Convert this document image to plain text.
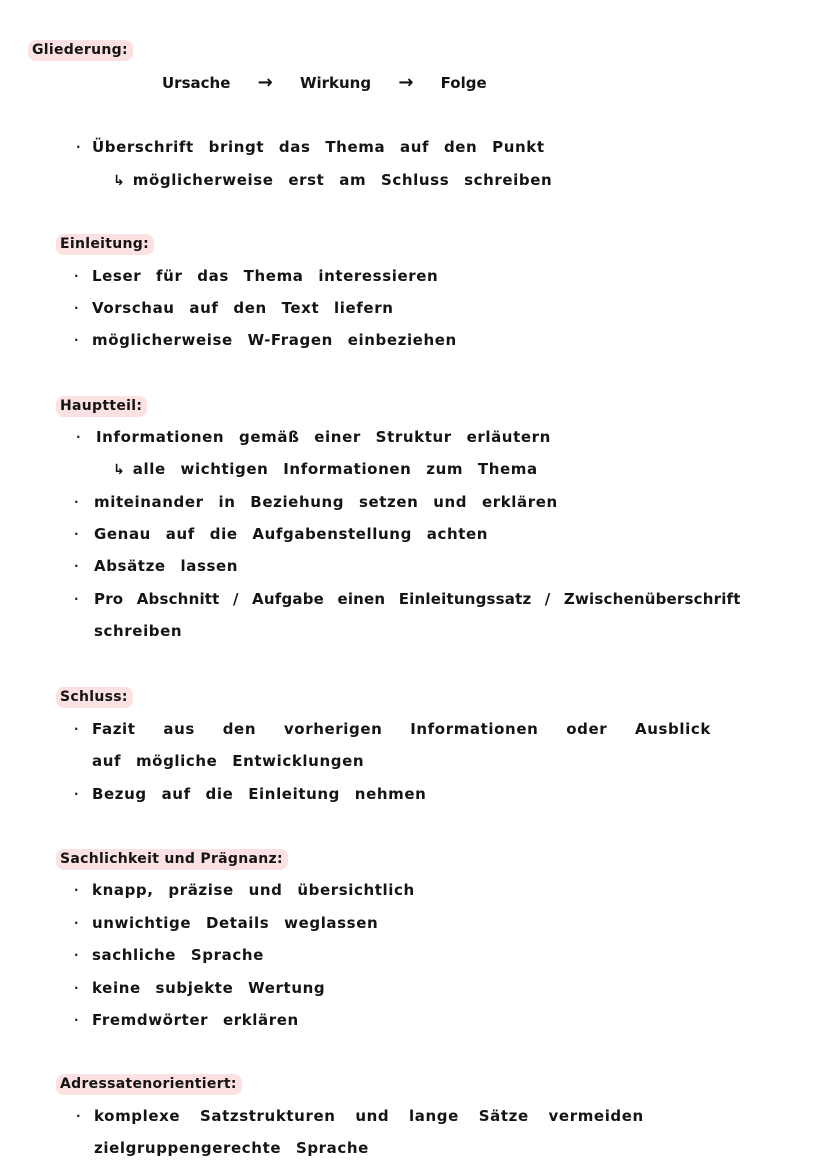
Gliederung:
Ursache → Wirkung → Folge
· Überschrift bringt das Thema auf den Punkt
↳ möglicherweise erst am Schluss schreiben
Einleitung:
· Leser für das Thema interessieren
· Vorschau auf den Text liefern
· möglicherweise W-Fragen einbeziehen
Hauptteil:
· Informationen gemäß einer Struktur erläutern
↳ alle wichtigen Informationen zum Thema
· miteinander in Beziehung setzen und erklären
· Genau auf die Aufgabenstellung achten
· Absätze lassen
· Pro Abschnitt / Aufgabe einen Einleitungssatz / Zwischenüberschrift
schreiben
Schluss:
· Fazit aus den vorherigen Informationen oder Ausblick
auf mögliche Entwicklungen
· Bezug auf die Einleitung nehmen
Sachlichkeit und Prägnanz:
· knapp, präzise und übersichtlich
· unwichtige Details weglassen
· sachliche Sprache
· keine subjekte Wertung
· Fremdwörter erklären
Adressatenorientiert:
· komplexe Satzstrukturen und lange Sätze vermeiden
zielgruppengerechte Sprache
